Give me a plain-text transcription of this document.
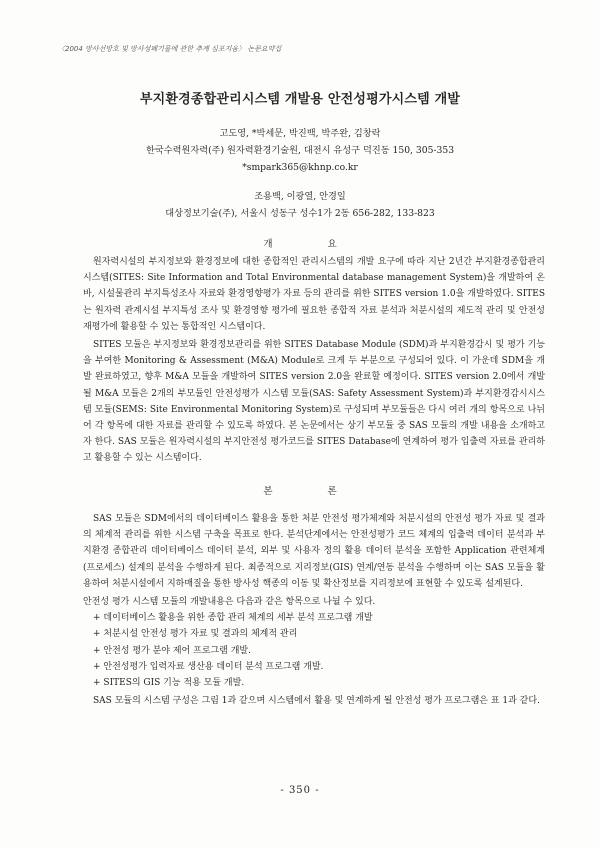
〈2004 방사선방호 및 방사성폐기물에 관한 추계 심포지움〉 논문요약집
부지환경종합관리시스템 개발용 안전성평가시스템 개발
고도영, *박세문, 박진백, 박주완, 김창락
한국수력원자력(주) 원자력환경기술원, 대전시 유성구 덕진동 150, 305-353
*smpark365@khnp.co.kr
조용백, 이광열, 안경일
대상정보기술(주), 서울시 성동구 성수1가 2동 656-282, 133-823
개 요

원자력시설의 부지정보와 환경정보에 대한 종합적인 관리시스템의 개발 요구에 따라 지난 2년간 부지환경종합관리시스템(SITES: Site Information and Total Environmental database management System)을 개발하여 온 바, 시설물관리 부지특성조사 자료와 환경영향평가 자료 등의 관리를 위한 SITES version 1.0을 개발하였다. SITES는 원자력 관계시설 부지특성 조사 및 환경영향 평가에 필요한 종합적 자료 분석과 처분시설의 제도적 관리 및 안전성 재평가에 활용할 수 있는 통합적인 시스템이다.

SITES 모듈은 부지정보와 환경정보관리를 위한 SITES Database Module (SDM)과 부지환경감시 및 평가 기능을 부여한 Monitoring & Assessment (M&A) Module로 크게 두 부분으로 구성되어 있다. 이 가운데 SDM을 개발 완료하였고, 향후 M&A 모듈을 개발하여 SITES version 2.0을 완료할 예정이다. SITES version 2.0에서 개발될 M&A 모듈은 2개의 부모듈인 안전성평가 시스템 모듈(SAS: Safety Assessment System)과 부지환경감시시스템 모듈(SEMS: Site Environmental Monitoring System)로 구성되며 부모듈들은 다시 여러 개의 항목으로 나뉘어 각 항목에 대한 자료를 관리할 수 있도록 하였다. 본 논문에서는 상기 부모듈 중 SAS 모듈의 개발 내용을 소개하고자 한다. SAS 모듈은 원자력시설의 부지안전성 평가코드를 SITES Database에 연계하여 평가 입출력 자료를 관리하고 활용할 수 있는 시스템이다.

본 론

SAS 모듈은 SDM에서의 데이터베이스 활용을 통한 처분 안전성 평가체계와 처분시설의 안전성 평가 자료 및 결과의 체계적 관리를 위한 시스템 구축을 목표로 한다. 분석단계에서는 안전성평가 코드 체계의 입출력 데이터 분석과 부지환경 종합관리 데이터베이스 데이터 분석, 외부 및 사용자 정의 활용 데이터 분석을 포함한 Application 관련체계(프로세스) 설계의 분석을 수행하게 된다. 최종적으로 지리정보(GIS) 연계/연동 분석을 수행하며 이는 SAS 모듈을 활용하여 처분시설에서 지하매질을 통한 방사성 핵종의 이동 및 확산정보를 지리정보에 표현할 수 있도록 설계된다.

안전성 평가 시스템 모듈의 개발내용은 다음과 같은 항목으로 나뉠 수 있다.
+ 데이터베이스 활용을 위한 종합 관리 체계의 세부 분석 프로그램 개발
+ 처분시설 안전성 평가 자료 및 결과의 체계적 관리
+ 안전성 평가 분야 제어 프로그램 개발.
+ 안전성평가 입력자료 생산용 데이터 분석 프로그램 개발.
+ SITES의 GIS 기능 적용 모듈 개발.

SAS 모듈의 시스템 구성은 그림 1과 같으며 시스템에서 활용 및 연계하게 될 안전성 평가 프로그램은 표 1과 같다.

- 350 -
